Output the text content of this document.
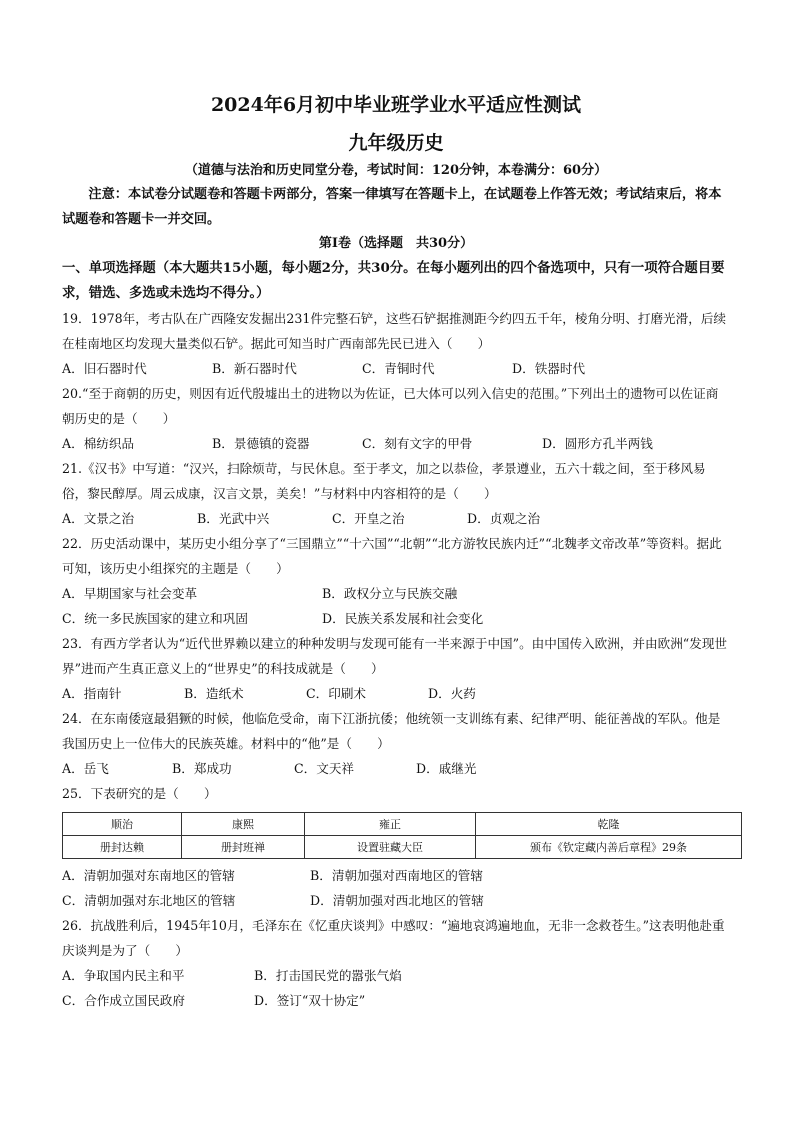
2024年6月初中毕业班学业水平适应性测试

九年级历史

（道德与法治和历史同堂分卷，考试时间：120分钟，本卷满分：60分）

注意：本试卷分试题卷和答题卡两部分，答案一律填写在答题卡上，在试题卷上作答无效；考试结束后，将本试题卷和答题卡一并交回。

第Ⅰ卷（选择题　共30分）

一、单项选择题（本大题共15小题，每小题2分，共30分。在每小题列出的四个备选项中，只有一项符合题目要求，错选、多选或未选均不得分。）

19．1978年，考古队在广西隆安发掘出231件完整石铲，这些石铲据推测距今约四五千年，棱角分明、打磨光滑，后续在桂南地区均发现大量类似石铲。据此可知当时广西南部先民已进入（　　）

A．旧石器时代	B．新石器时代	C．青铜时代	D．铁器时代

20.“至于商朝的历史，则因有近代殷墟出土的进物以为佐证，已大体可以列入信史的范围。”下列出土的遗物可以佐证商朝历史的是（　　）

A．棉纺织品	B．景德镇的瓷器	C．刻有文字的甲骨	D．圆形方孔半两钱

21.《汉书》中写道：“汉兴，扫除烦苛，与民休息。至于孝文，加之以恭俭，孝景遵业，五六十载之间，至于移风易俗，黎民醇厚。周云成康，汉言文景，美矣！”与材料中内容相符的是（　　）

A．文景之治	B．光武中兴	C．开皇之治	D．贞观之治

22．历史活动课中，某历史小组分享了“三国鼎立”“十六国”“北朝”“北方游牧民族内迁”“北魏孝文帝改革”等资料。据此可知，该历史小组探究的主题是（　　）

A．早期国家与社会变革	B．政权分立与民族交融
C．统一多民族国家的建立和巩固	D．民族关系发展和社会变化

23．有西方学者认为“近代世界赖以建立的种种发明与发现可能有一半来源于中国”。由中国传入欧洲，并由欧洲“发现世界”进而产生真正意义上的“世界史”的科技成就是（　　）

A．指南针	B．造纸术	C．印刷术	D．火药

24．在东南倭寇最猖獗的时候，他临危受命，南下江浙抗倭；他统领一支训练有素、纪律严明、能征善战的军队。他是我国历史上一位伟大的民族英雄。材料中的“他”是（　　）

A．岳飞	B．郑成功	C．文天祥	D．戚继光

25．下表研究的是（　　）

顺治	康熙	雍正	乾隆
册封达赖	册封班禅	设置驻藏大臣	颁布《钦定藏内善后章程》29条
A．清朝加强对东南地区的管辖	B．清朝加强对西南地区的管辖
C．清朝加强对东北地区的管辖	D．清朝加强对西北地区的管辖

26．抗战胜利后，1945年10月，毛泽东在《忆重庆谈判》中感叹：“遍地哀鸿遍地血，无非一念救苍生。”这表明他赴重庆谈判是为了（　　）

A．争取国内民主和平	B．打击国民党的嚣张气焰
C．合作成立国民政府	D．签订“双十协定”
